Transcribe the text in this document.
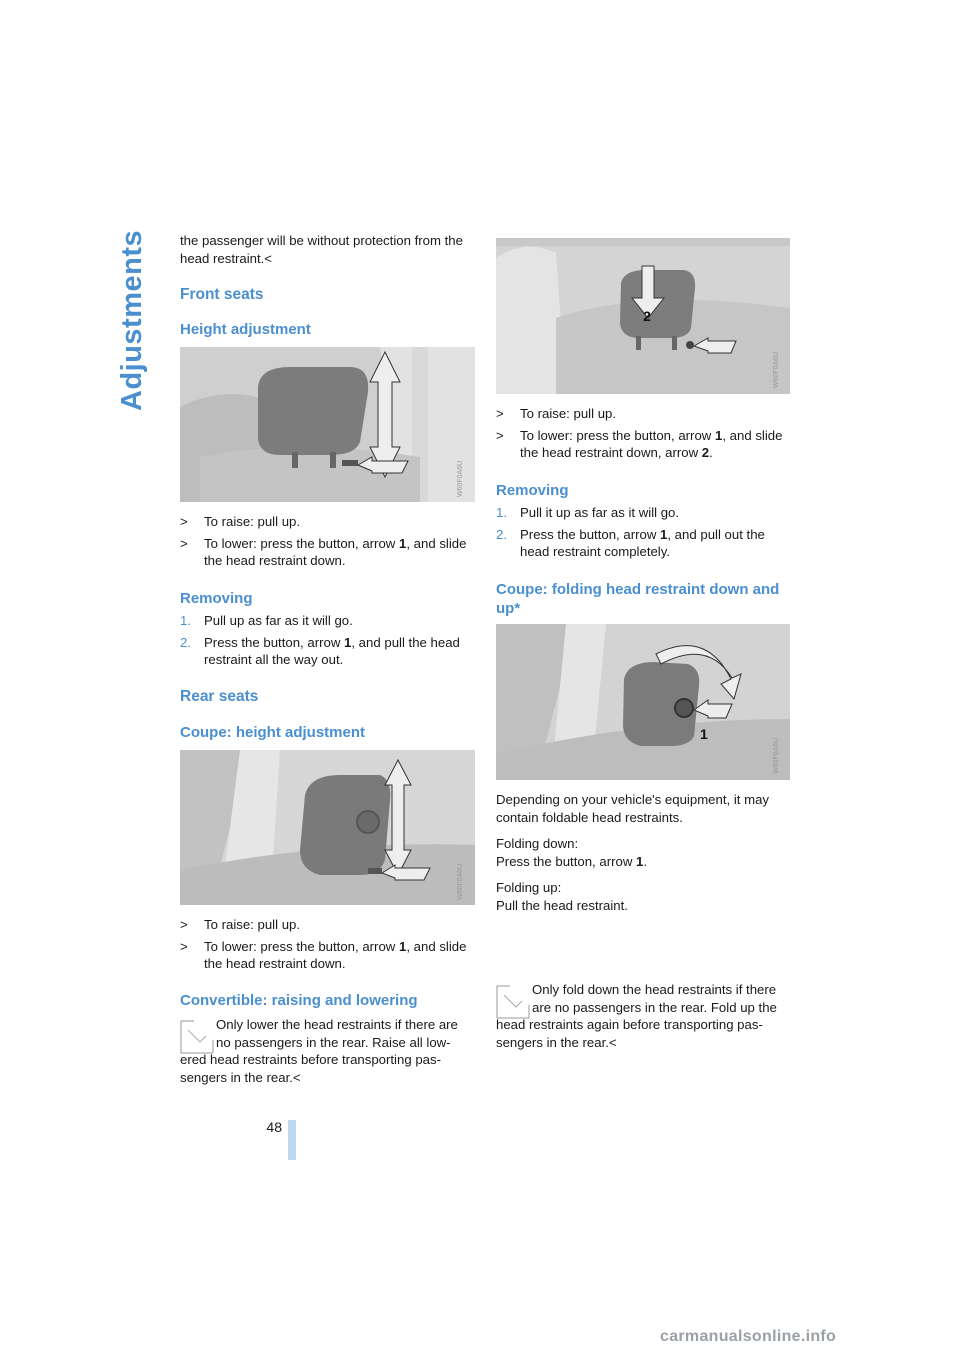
Adjustments	the passenger will be without protection from the head restraint.<

Front seats
Height adjustment
W60F0A6U
> To raise: pull up.
> To lower: press the button, arrow 1, and slide the head restraint down.
Removing
1. Pull up as far as it will go.
2. Press the button, arrow 1, and pull the head restraint all the way out.
Rear seats
Coupe: height adjustment
W60F0A6U
> To raise: pull up.
> To lower: press the button, arrow 1, and slide the head restraint down.
Convertible: raising and lowering

Only lower the head restraints if there are no passengers in the rear. Raise all low-

ered head restraints before transporting pas-sengers in the rear.<

2
W60F0A6U
> To raise: pull up.
> To lower: press the button, arrow 1, and slide the head restraint down, arrow 2.
Removing
1. Pull it up as far as it will go.
2. Press the button, arrow 1, and pull out the head restraint completely.
Coupe: folding head restraint down and up*
1
W60F0A6U

Depending on your vehicle's equipment, it may contain foldable head restraints.

Folding down:

Press the button, arrow 1.

Folding up:

Pull the head restraint.

Only fold down the head restraints if there are no passengers in the rear. Fold up the

head restraints again before transporting pas-sengers in the rear.<

48
carmanualsonline.info
